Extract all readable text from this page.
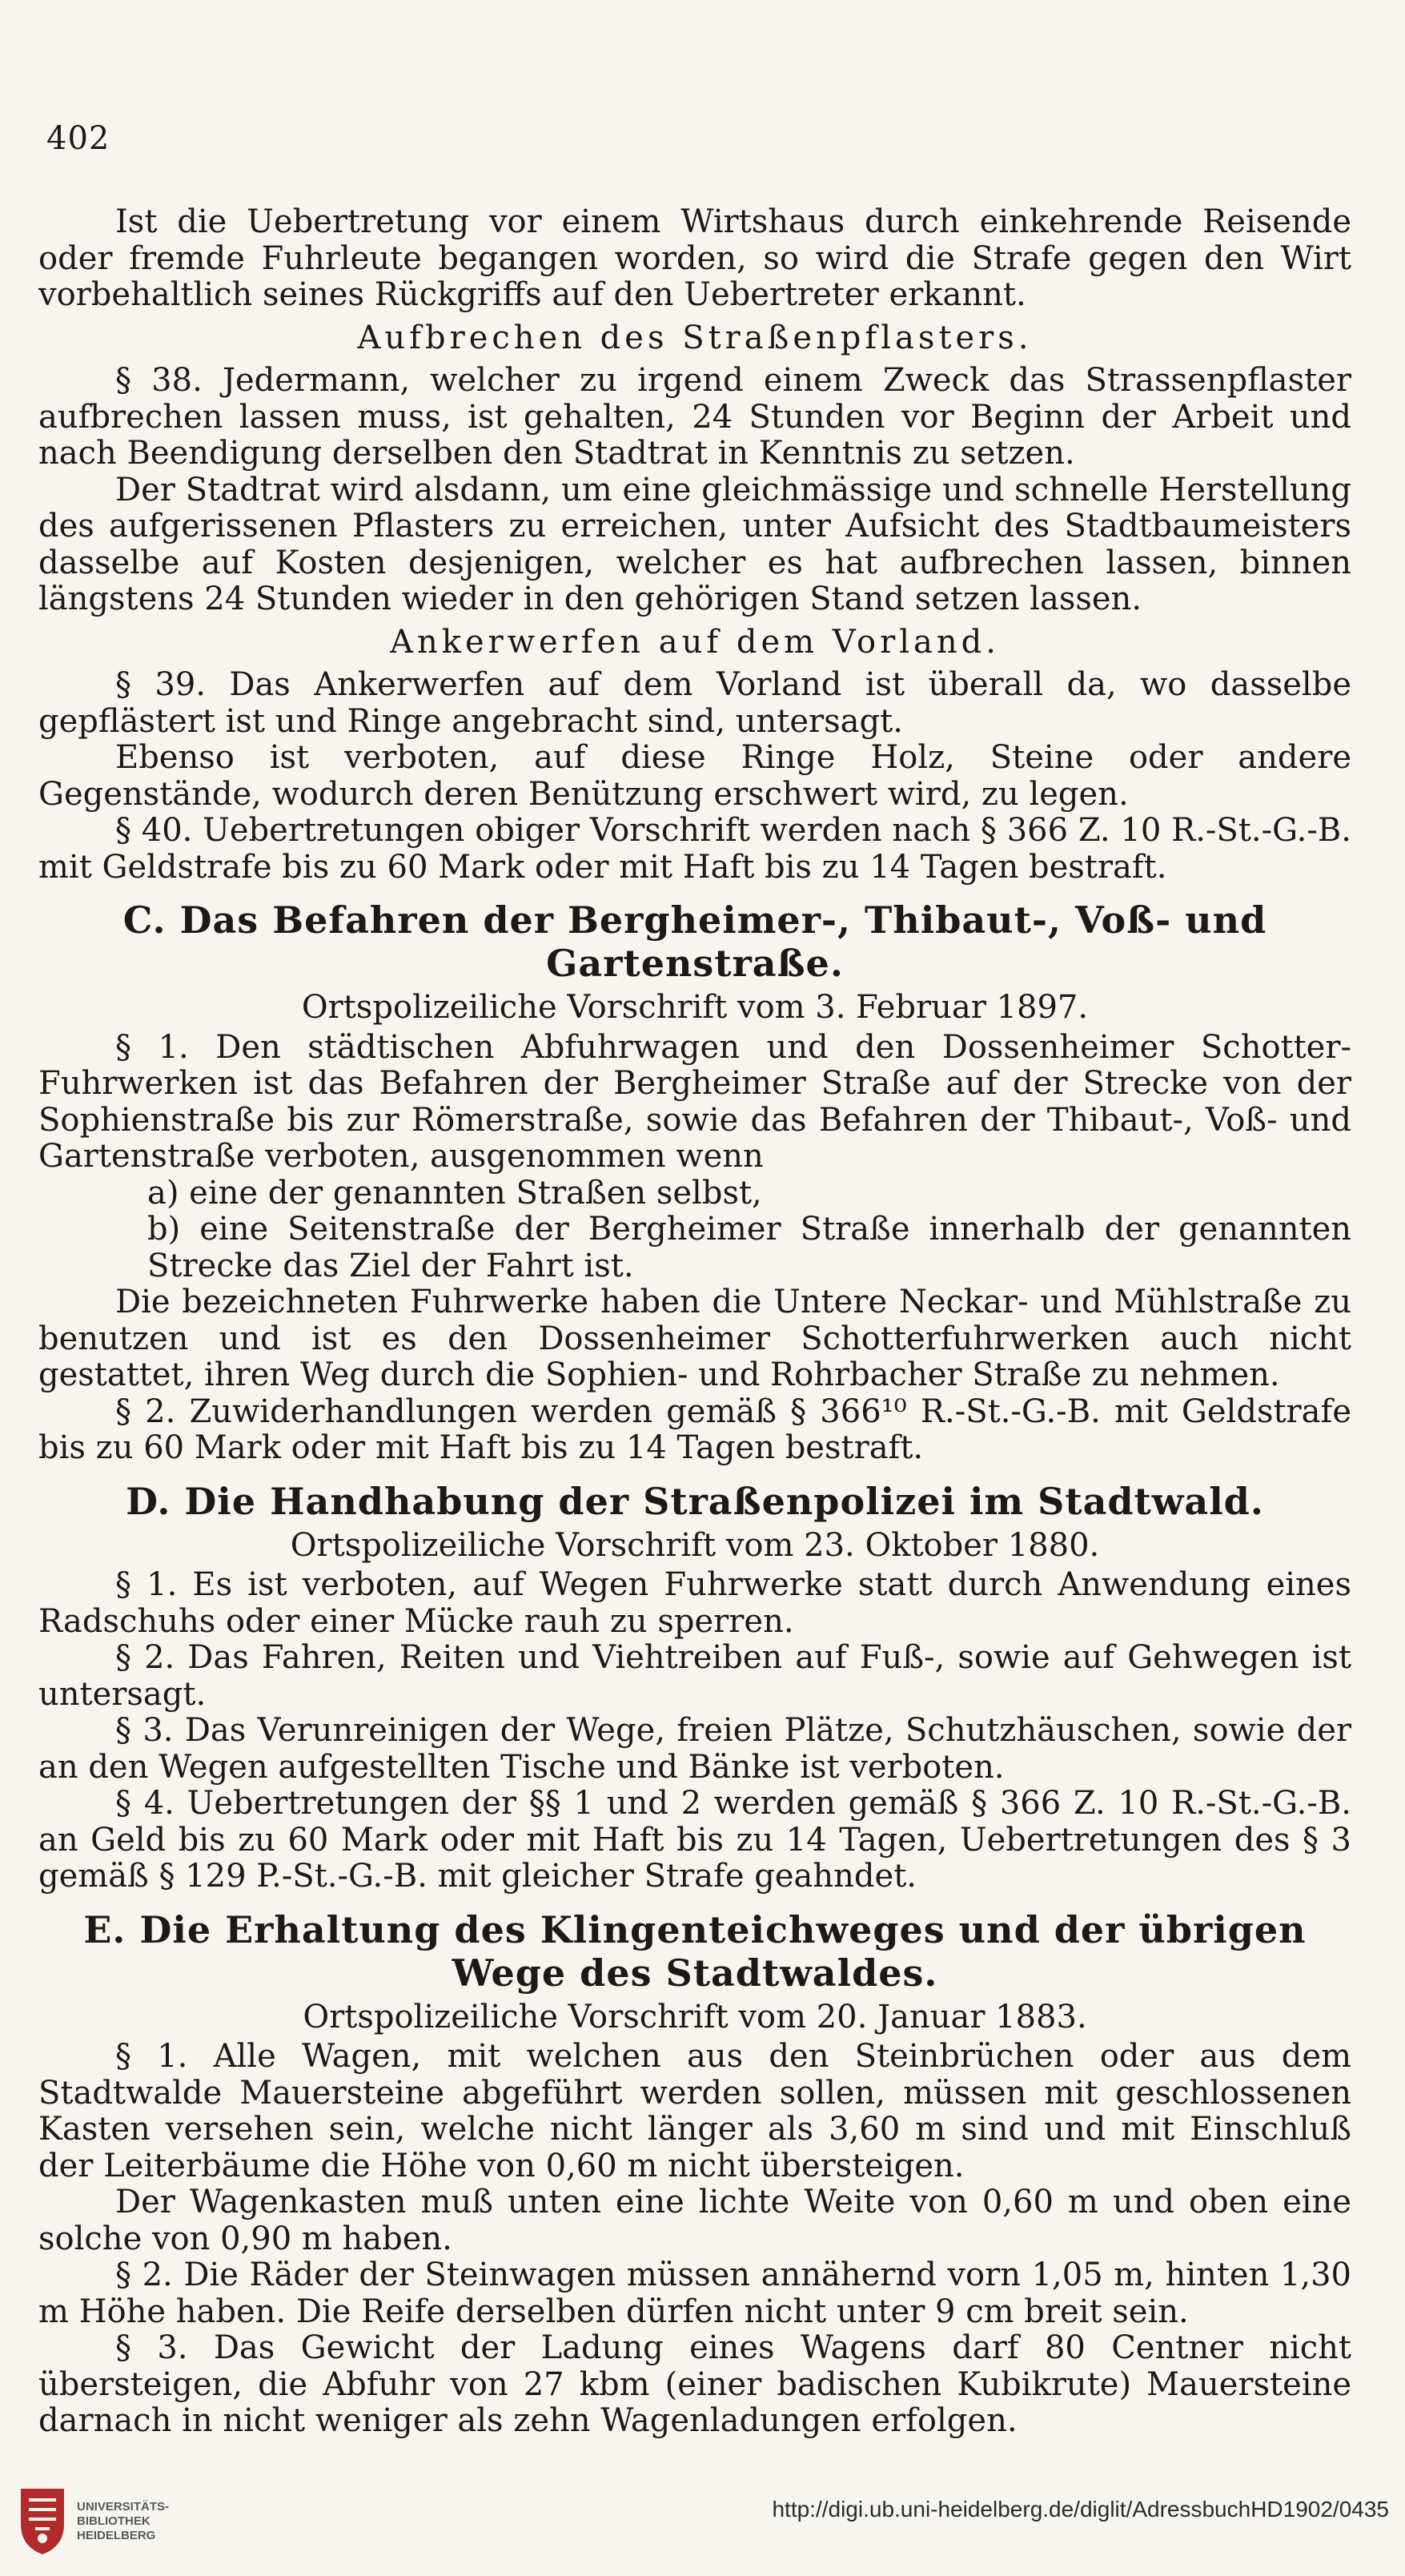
402

Ist die Uebertretung vor einem Wirtshaus durch einkehrende Reisende oder fremde Fuhrleute begangen worden, so wird die Strafe gegen den Wirt vorbehaltlich seines Rückgriffs auf den Uebertreter erkannt.

Aufbrechen des Straßenpflasters.

§ 38. Jedermann, welcher zu irgend einem Zweck das Strassenpflaster aufbrechen lassen muss, ist gehalten, 24 Stunden vor Beginn der Arbeit und nach Beendigung derselben den Stadtrat in Kenntnis zu setzen.

Der Stadtrat wird alsdann, um eine gleichmässige und schnelle Herstellung des aufgerissenen Pflasters zu erreichen, unter Aufsicht des Stadtbaumeisters dasselbe auf Kosten desjenigen, welcher es hat aufbrechen lassen, binnen längstens 24 Stunden wieder in den gehörigen Stand setzen lassen.

Ankerwerfen auf dem Vorland.

§ 39. Das Ankerwerfen auf dem Vorland ist überall da, wo dasselbe gepflästert ist und Ringe angebracht sind, untersagt.

Ebenso ist verboten, auf diese Ringe Holz, Steine oder andere Gegenstände, wodurch deren Benützung erschwert wird, zu legen.

§ 40. Uebertretungen obiger Vorschrift werden nach § 366 Z. 10 R.-St.-G.-B. mit Geldstrafe bis zu 60 Mark oder mit Haft bis zu 14 Tagen bestraft.

C. Das Befahren der Bergheimer-, Thibaut-, Voß- und Gartenstraße.

Ortspolizeiliche Vorschrift vom 3. Februar 1897.

§ 1. Den städtischen Abfuhrwagen und den Dossenheimer Schotter-Fuhrwerken ist das Befahren der Bergheimer Straße auf der Strecke von der Sophienstraße bis zur Römerstraße, sowie das Befahren der Thibaut-, Voß- und Gartenstraße verboten, ausgenommen wenn

a) eine der genannten Straßen selbst,

b) eine Seitenstraße der Bergheimer Straße innerhalb der genannten Strecke das Ziel der Fahrt ist.

Die bezeichneten Fuhrwerke haben die Untere Neckar- und Mühlstraße zu benutzen und ist es den Dossenheimer Schotterfuhrwerken auch nicht gestattet, ihren Weg durch die Sophien- und Rohrbacher Straße zu nehmen.

§ 2. Zuwiderhandlungen werden gemäß § 366¹⁰ R.-St.-G.-B. mit Geldstrafe bis zu 60 Mark oder mit Haft bis zu 14 Tagen bestraft.

D. Die Handhabung der Straßenpolizei im Stadtwald.

Ortspolizeiliche Vorschrift vom 23. Oktober 1880.

§ 1. Es ist verboten, auf Wegen Fuhrwerke statt durch Anwendung eines Radschuhs oder einer Mücke rauh zu sperren.

§ 2. Das Fahren, Reiten und Viehtreiben auf Fuß-, sowie auf Gehwegen ist untersagt.

§ 3. Das Verunreinigen der Wege, freien Plätze, Schutzhäuschen, sowie der an den Wegen aufgestellten Tische und Bänke ist verboten.

§ 4. Uebertretungen der §§ 1 und 2 werden gemäß § 366 Z. 10 R.-St.-G.-B. an Geld bis zu 60 Mark oder mit Haft bis zu 14 Tagen, Uebertretungen des § 3 gemäß § 129 P.-St.-G.-B. mit gleicher Strafe geahndet.

E. Die Erhaltung des Klingenteichweges und der übrigen Wege des Stadtwaldes.

Ortspolizeiliche Vorschrift vom 20. Januar 1883.

§ 1. Alle Wagen, mit welchen aus den Steinbrüchen oder aus dem Stadtwalde Mauersteine abgeführt werden sollen, müssen mit geschlossenen Kasten versehen sein, welche nicht länger als 3,60 m sind und mit Einschluß der Leiterbäume die Höhe von 0,60 m nicht übersteigen.

Der Wagenkasten muß unten eine lichte Weite von 0,60 m und oben eine solche von 0,90 m haben.

§ 2. Die Räder der Steinwagen müssen annähernd vorn 1,05 m, hinten 1,30 m Höhe haben. Die Reife derselben dürfen nicht unter 9 cm breit sein.

§ 3. Das Gewicht der Ladung eines Wagens darf 80 Centner nicht übersteigen, die Abfuhr von 27 kbm (einer badischen Kubikrute) Mauersteine darnach in nicht weniger als zehn Wagenladungen erfolgen.

UNIVERSITÄTS-
BIBLIOTHEK
HEIDELBERG
http://digi.ub.uni-heidelberg.de/diglit/AdressbuchHD1902/0435
